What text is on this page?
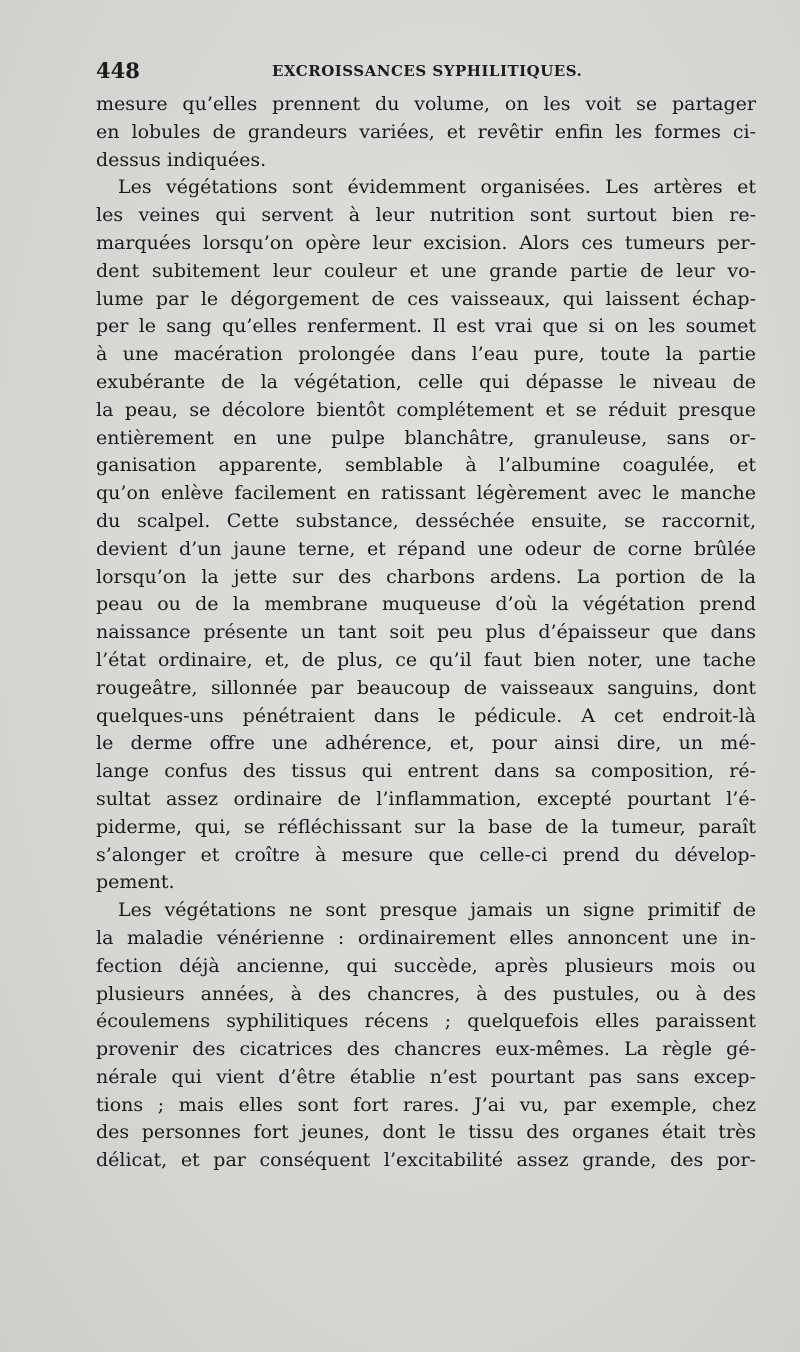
448	EXCROISSANCES SYPHILITIQUES.
mesure qu’elles prennent du volume, on les voit se partager
en lobules de grandeurs variées, et revêtir enfin les formes ci-
dessus indiquées.
Les végétations sont évidemment organisées. Les artères et
les veines qui servent à leur nutrition sont surtout bien re-
marquées lorsqu’on opère leur excision. Alors ces tumeurs per-
dent subitement leur couleur et une grande partie de leur vo-
lume par le dégorgement de ces vaisseaux, qui laissent échap-
per le sang qu’elles renferment. Il est vrai que si on les soumet
à une macération prolongée dans l’eau pure, toute la partie
exubérante de la végétation, celle qui dépasse le niveau de
la peau, se décolore bientôt complétement et se réduit presque
entièrement en une pulpe blanchâtre, granuleuse, sans or-
ganisation apparente, semblable à l’albumine coagulée, et
qu’on enlève facilement en ratissant légèrement avec le manche
du scalpel. Cette substance, desséchée ensuite, se raccornit,
devient d’un jaune terne, et répand une odeur de corne brûlée
lorsqu’on la jette sur des charbons ardens. La portion de la
peau ou de la membrane muqueuse d’où la végétation prend
naissance présente un tant soit peu plus d’épaisseur que dans
l’état ordinaire, et, de plus, ce qu’il faut bien noter, une tache
rougeâtre, sillonnée par beaucoup de vaisseaux sanguins, dont
quelques-uns pénétraient dans le pédicule. A cet endroit-là
le derme offre une adhérence, et, pour ainsi dire, un mé-
lange confus des tissus qui entrent dans sa composition, ré-
sultat assez ordinaire de l’inflammation, excepté pourtant l’é-
piderme, qui, se réfléchissant sur la base de la tumeur, paraît
s’alonger et croître à mesure que celle-ci prend du dévelop-
pement.
Les végétations ne sont presque jamais un signe primitif de
la maladie vénérienne : ordinairement elles annoncent une in-
fection déjà ancienne, qui succède, après plusieurs mois ou
plusieurs années, à des chancres, à des pustules, ou à des
écoulemens syphilitiques récens ; quelquefois elles paraissent
provenir des cicatrices des chancres eux-mêmes. La règle gé-
nérale qui vient d’être établie n’est pourtant pas sans excep-
tions ; mais elles sont fort rares. J’ai vu, par exemple, chez
des personnes fort jeunes, dont le tissu des organes était très
délicat, et par conséquent l’excitabilité assez grande, des por-
